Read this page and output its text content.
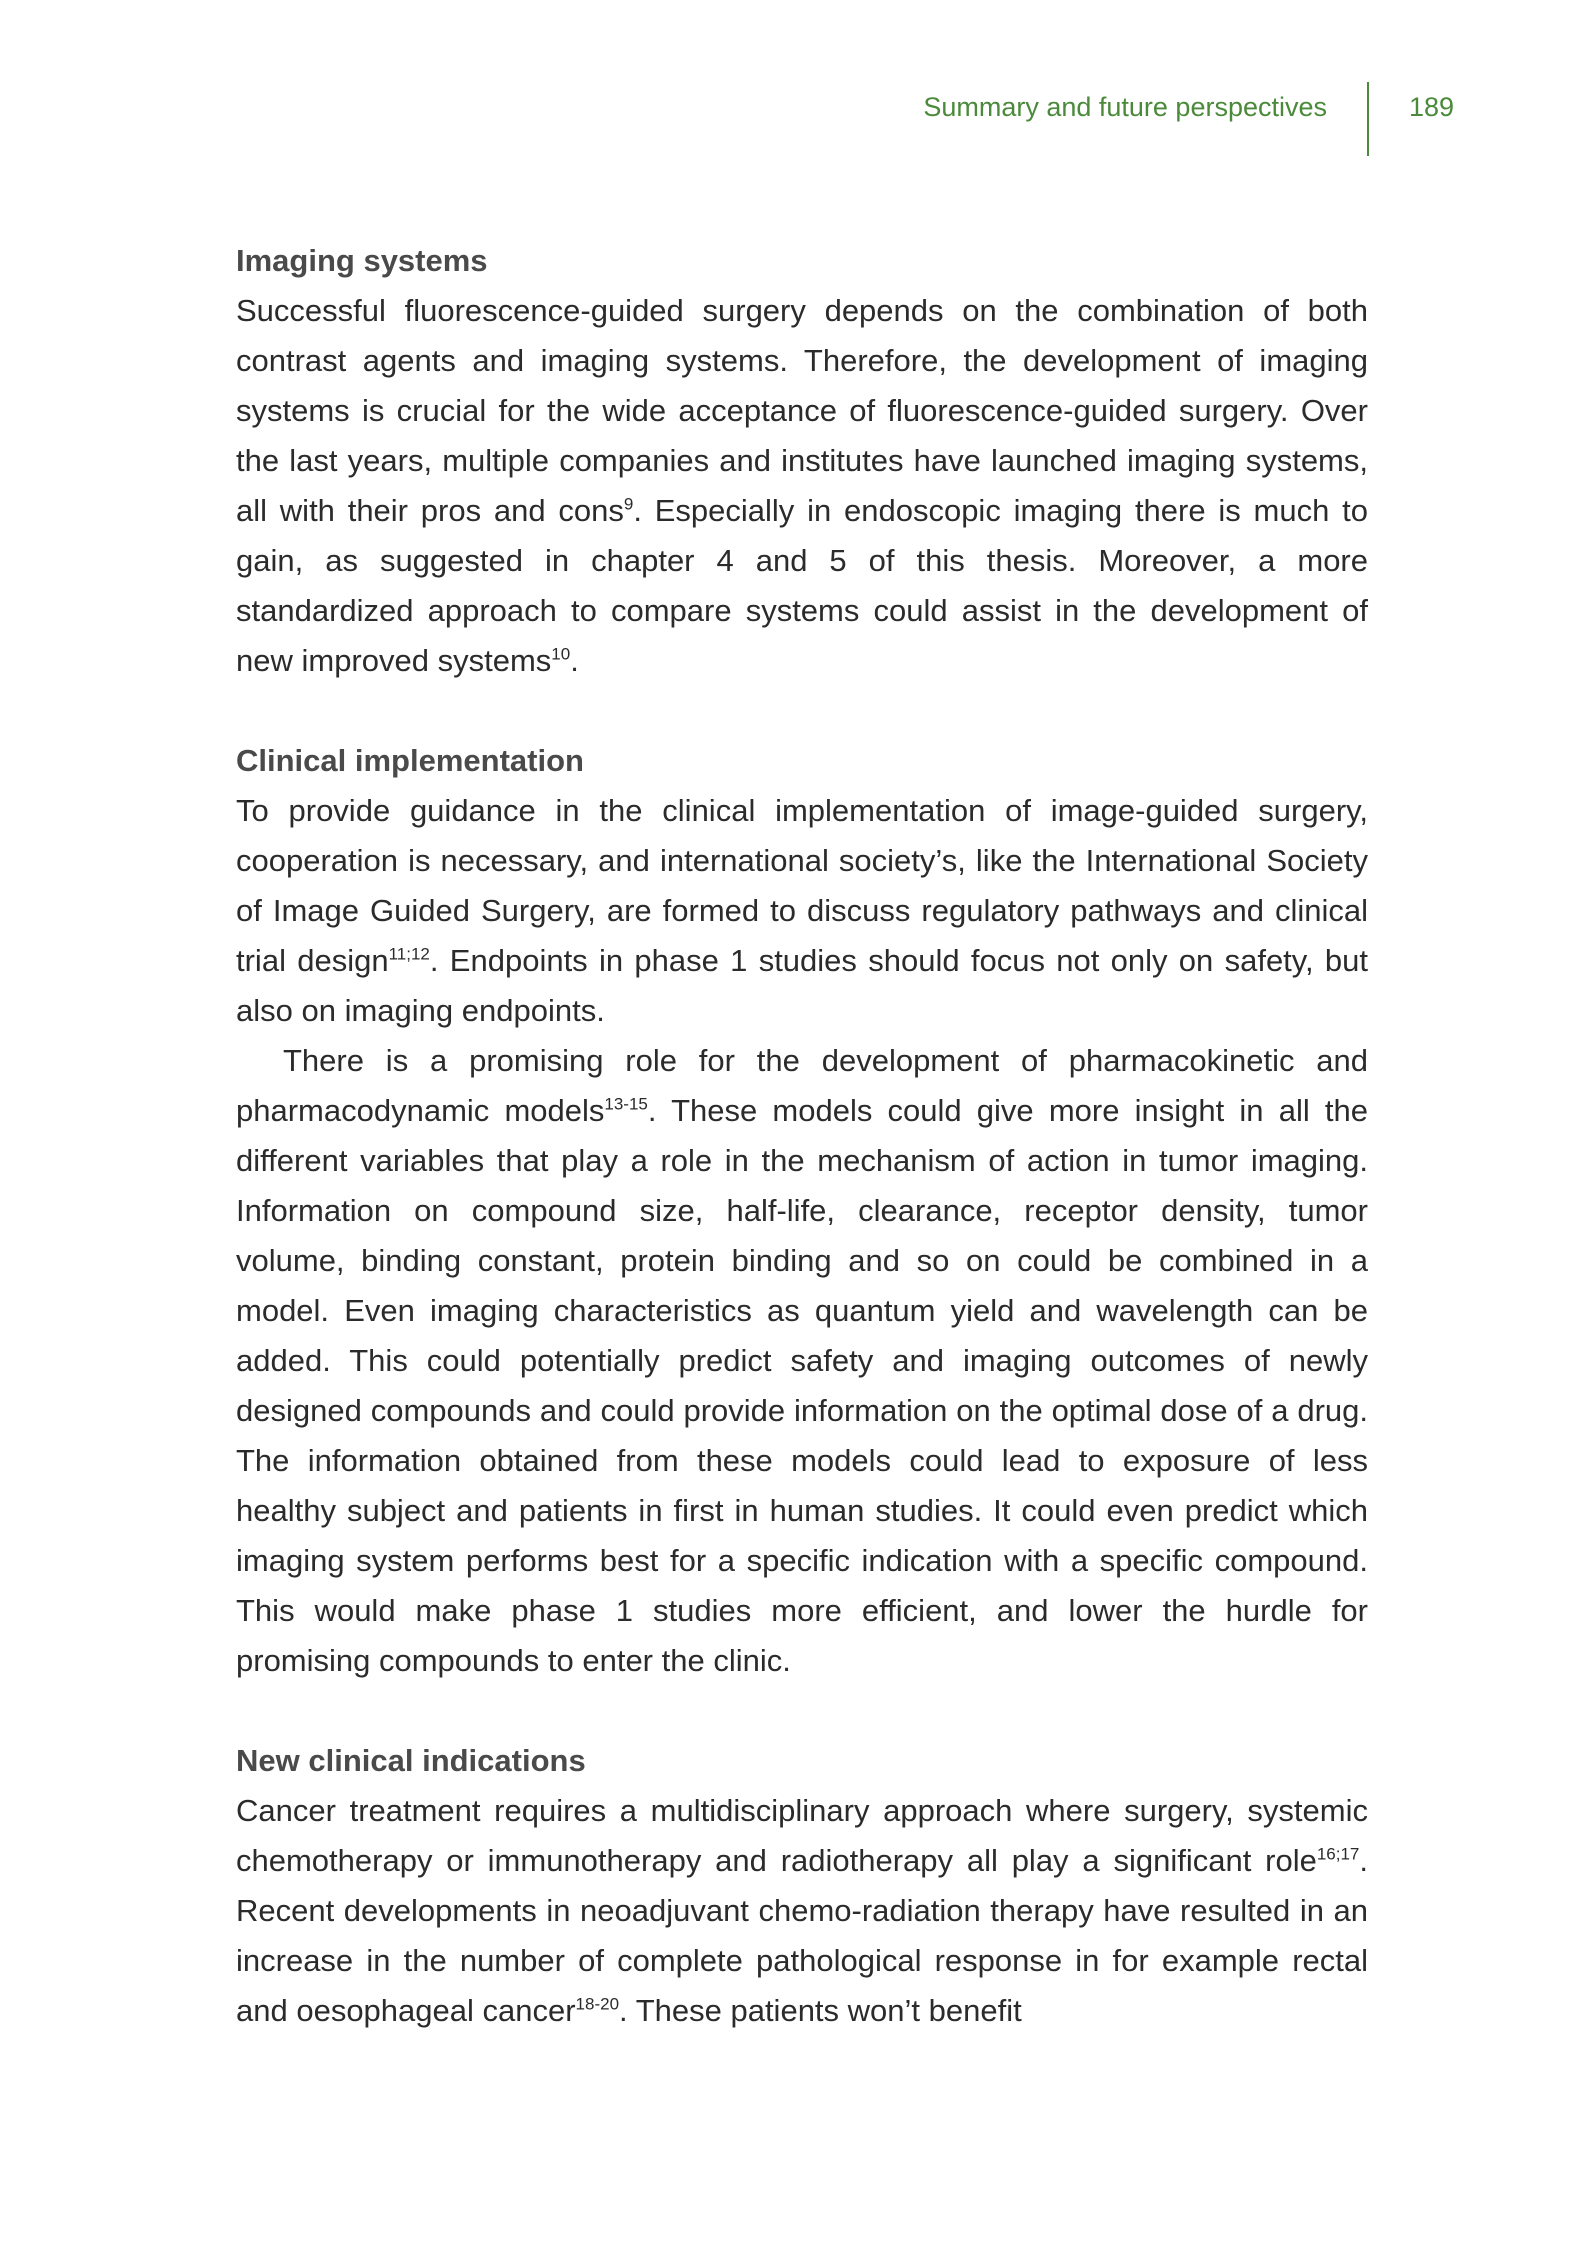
Summary and future perspectives	189
Imaging systems

Successful fluorescence-guided surgery depends on the combination of both contrast agents and imaging systems. Therefore, the development of imaging systems is crucial for the wide acceptance of fluorescence-guided surgery. Over the last years, multiple companies and institutes have launched imaging systems, all with their pros and cons$^9$. Especially in endoscopic imaging there is much to gain, as suggested in chapter 4 and 5 of this thesis. Moreover, a more standardized approach to compare systems could assist in the development of new improved systems$^{10}$.

Clinical implementation

To provide guidance in the clinical implementation of image-guided surgery, cooperation is necessary, and international society’s, like the International Society of Image Guided Surgery, are formed to discuss regulatory pathways and clinical trial design$^{11;12}$. Endpoints in phase 1 studies should focus not only on safety, but also on imaging endpoints.

There is a promising role for the development of pharmacokinetic and pharmacodynamic models$^{13-15}$. These models could give more insight in all the different variables that play a role in the mechanism of action in tumor imaging. Information on compound size, half-life, clearance, receptor density, tumor volume, binding constant, protein binding and so on could be combined in a model. Even imaging characteristics as quantum yield and wavelength can be added. This could potentially predict safety and imaging outcomes of newly designed compounds and could provide information on the optimal dose of a drug. The information obtained from these models could lead to exposure of less healthy subject and patients in first in human studies. It could even predict which imaging system performs best for a specific indication with a specific compound. This would make phase 1 studies more efficient, and lower the hurdle for promising compounds to enter the clinic.

New clinical indications

Cancer treatment requires a multidisciplinary approach where surgery, systemic chemotherapy or immunotherapy and radiotherapy all play a significant role$^{16;17}$. Recent developments in neoadjuvant chemo-radiation therapy have resulted in an increase in the number of complete pathological response in for example rectal and oesophageal cancer$^{18-20}$. These patients won’t benefit
